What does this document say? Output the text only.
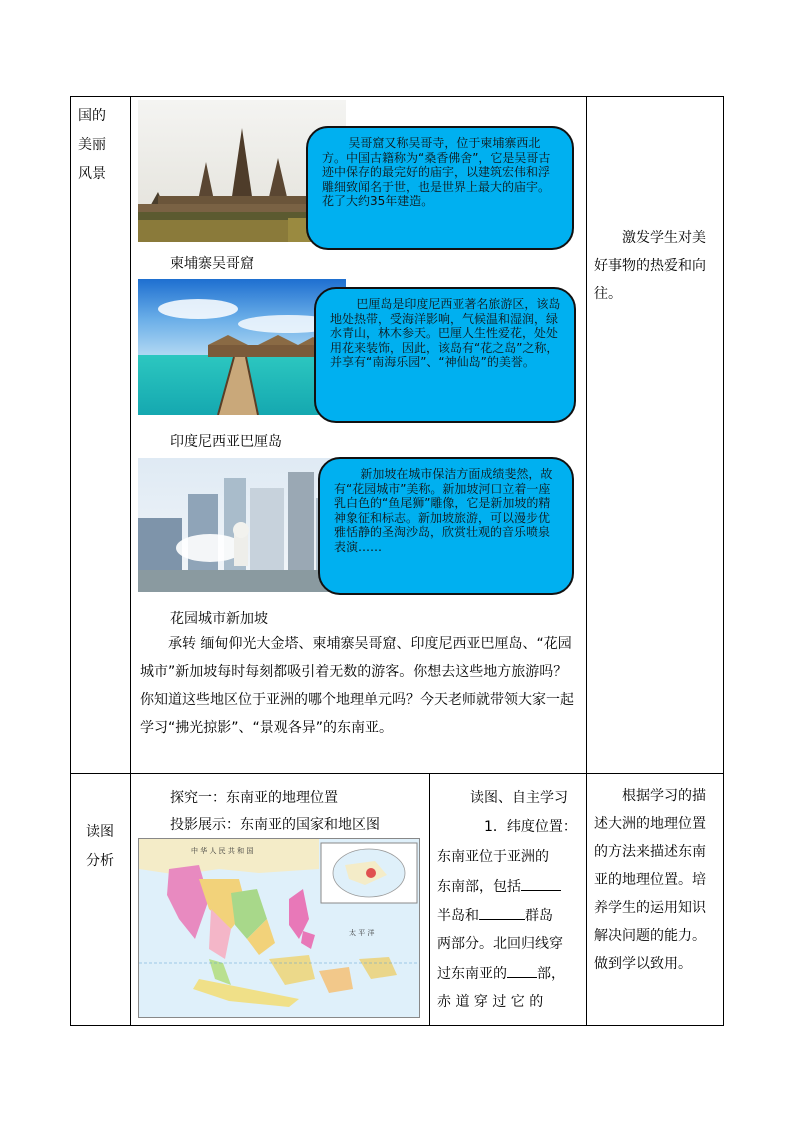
国的
美丽
风景

吴哥窟又称吴哥寺，位于柬埔寨西北方。中国古籍称为“桑香佛舍”，它是吴哥古迹中保存的最完好的庙宇，以建筑宏伟和浮雕细致闻名于世，也是世界上最大的庙宇。花了大约35年建造。

柬埔寨吴哥窟

巴厘岛是印度尼西亚著名旅游区，该岛地处热带，受海洋影响，气候温和湿润，绿水青山，林木参天。巴厘人生性爱花，处处用花来装饰，因此，该岛有“花之岛”之称，并享有“南海乐园”、“神仙岛”的美誉。

印度尼西亚巴厘岛

新加坡在城市保洁方面成绩斐然，故有“花园城市”美称。新加坡河口立着一座乳白色的“鱼尾狮”雕像，它是新加坡的精神象征和标志。新加坡旅游，可以漫步优雅恬静的圣淘沙岛，欣赏壮观的音乐喷泉表演……

花园城市新加坡
承转 缅甸仰光大金塔、柬埔寨吴哥窟、印度尼西亚巴厘岛、“花园城市”新加坡每时每刻都吸引着无数的游客。你想去这些地方旅游吗？你知道这些地区位于亚洲的哪个地理单元吗？今天老师就带领大家一起学习“拂光掠影”、“景观各异”的东南亚。
激发学生对美好事物的热爱和向往。
读图
分析
探究一：东南亚的地理位置
投影展示：东南亚的国家和地区图
中 华 人 民 共 和 国
太 平 洋
读图、自主学习
1．纬度位置：
东南亚位于亚洲的
东南部，包括
半岛和	群岛
两部分。北回归线穿
过东南亚的 部，
赤 道 穿 过 它 的
根据学习的描述大洲的地理位置的方法来描述东南亚的地理位置。培养学生的运用知识解决问题的能力。做到学以致用。
